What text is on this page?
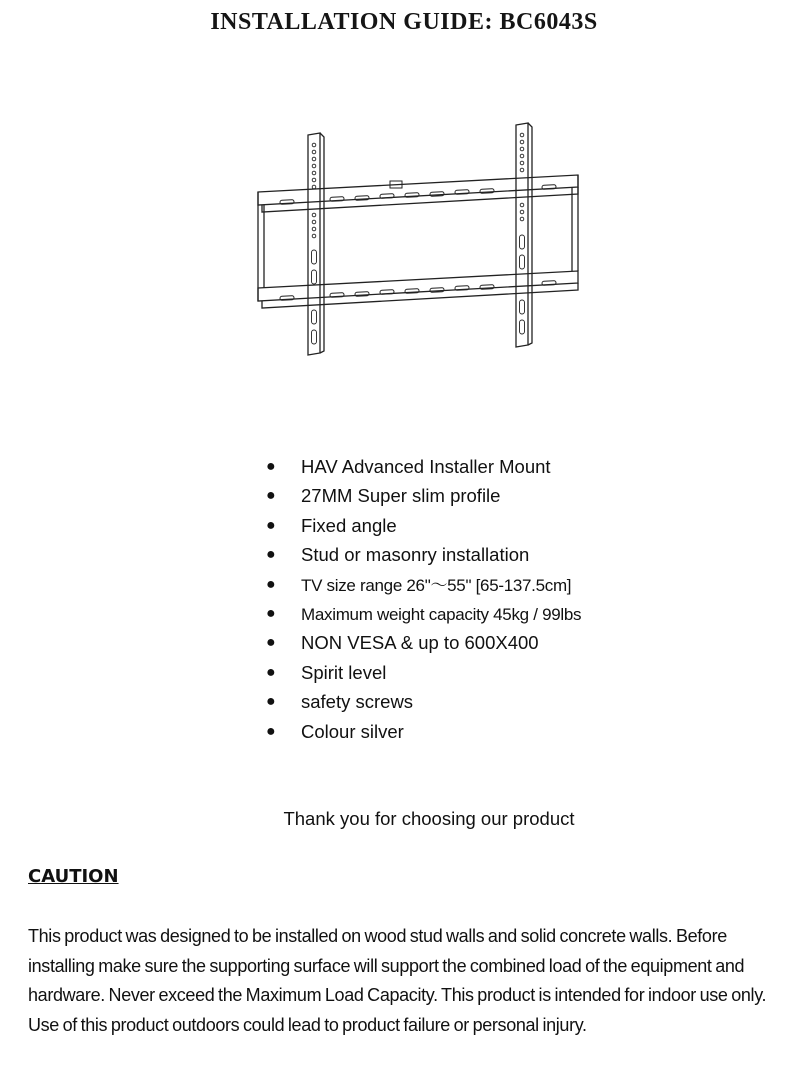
INSTALLATION GUIDE: BC6043S
● HAV Advanced Installer Mount
● 27MM Super slim profile
● Fixed angle
● Stud or masonry installation
● TV size range 26"～55" [65-137.5cm]
● Maximum weight capacity 45kg / 99lbs
● NON VESA & up to 600X400
● Spirit level
● safety screws
● Colour silver
Thank you for choosing our product
CAUTION
This product was designed to be installed on wood stud walls and solid concrete walls. Before installing make sure the supporting surface will support the combined load of the equipment and hardware. Never exceed the Maximum Load Capacity. This product is intended for indoor use only. Use of this product outdoors could lead to product failure or personal injury.
